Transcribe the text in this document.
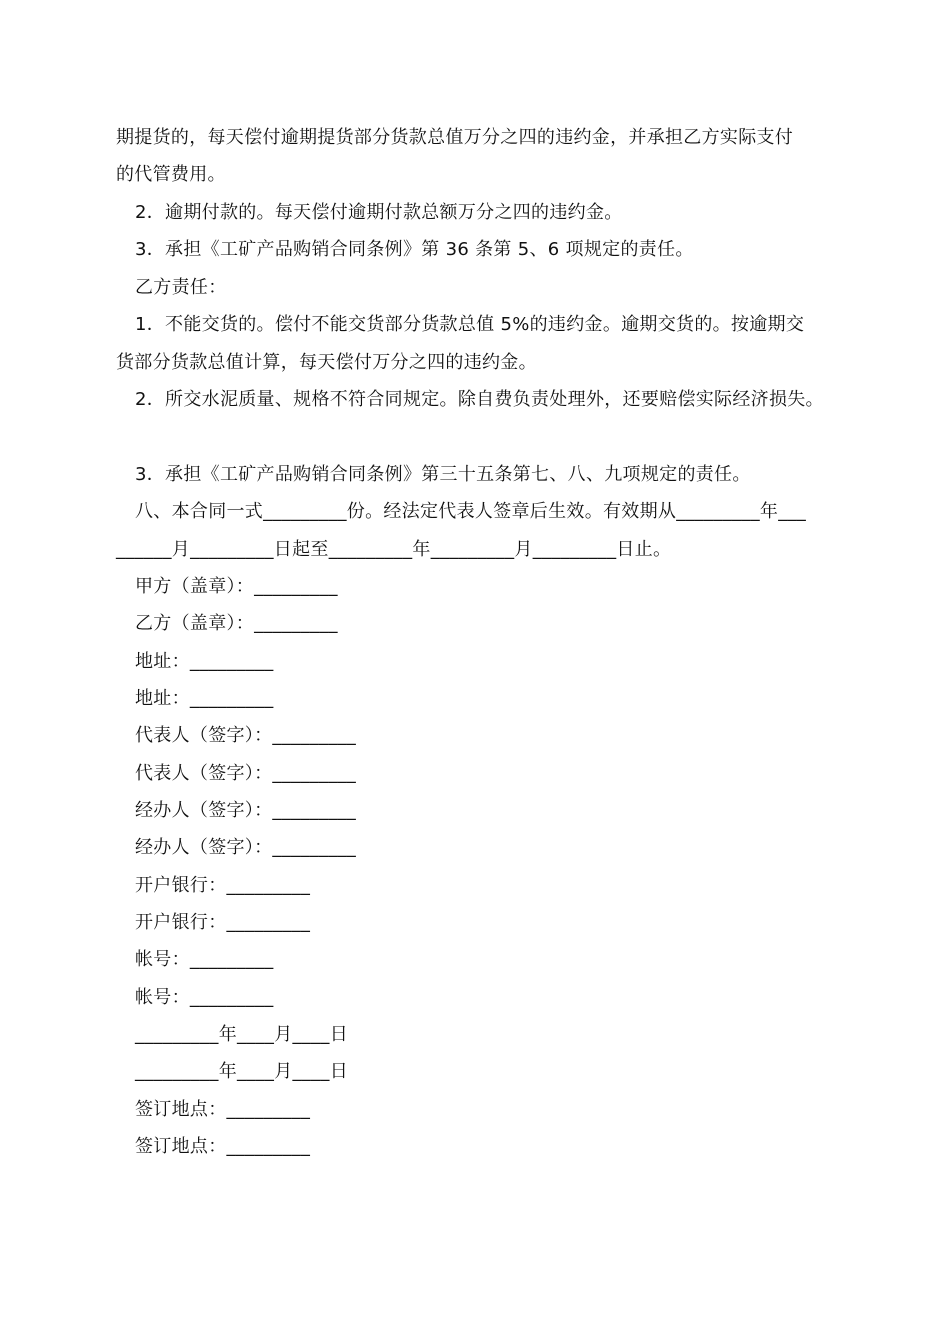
期提货的，每天偿付逾期提货部分货款总值万分之四的违约金，并承担乙方实际支付
的代管费用。
2．逾期付款的。每天偿付逾期付款总额万分之四的违约金。
3．承担《工矿产品购销合同条例》第 36 条第 5、6 项规定的责任。
乙方责任：
1．不能交货的。偿付不能交货部分货款总值 5%的违约金。逾期交货的。按逾期交
货部分货款总值计算，每天偿付万分之四的违约金。
2．所交水泥质量、规格不符合同规定。除自费负责处理外，还要赔偿实际经济损失。
3．承担《工矿产品购销合同条例》第三十五条第七、八、九项规定的责任。
八、本合同一式_________份。经法定代表人签章后生效。有效期从_________年___
______月_________日起至_________年_________月_________日止。
甲方（盖章）：_________
乙方（盖章）：_________
地址：_________
地址：_________
代表人（签字）：_________
代表人（签字）：_________
经办人（签字）：_________
经办人（签字）：_________
开户银行：_________
开户银行：_________
帐号：_________
帐号：_________
_________年____月____日
_________年____月____日
签订地点：_________
签订地点：_________
